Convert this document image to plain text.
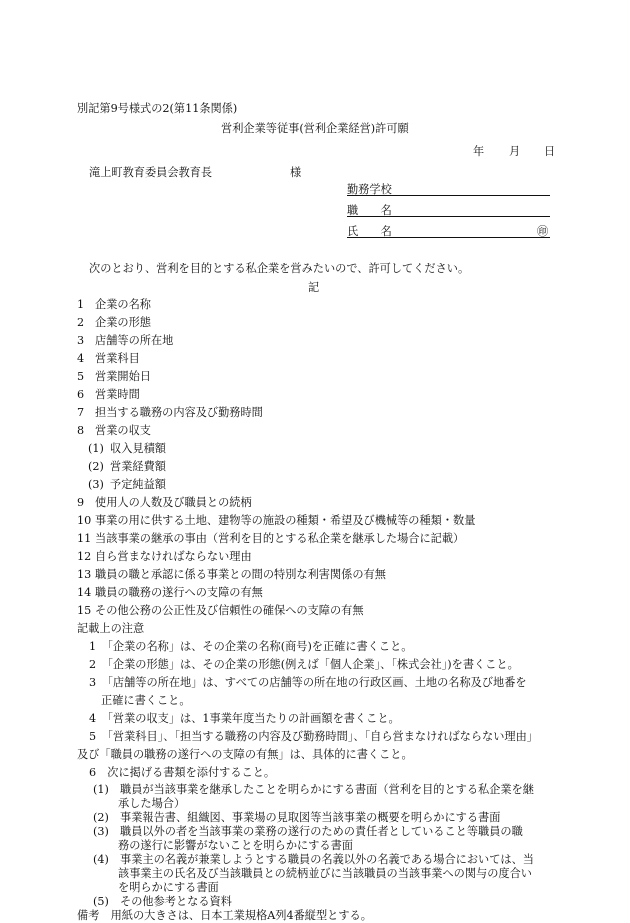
別記第9号様式の2(第11条関係)
営利企業等従事(営利企業経営)許可願
年 月 日
滝上町教育委員会教育長	様
勤務学校
職　　名
氏　　名	㊞
次のとおり、営利を目的とする私企業を営みたいので、許可してください。
記
1 企業の名称
2 企業の形態
3 店舗等の所在地
4 営業科目
5 営業開始日
6 営業時間
7 担当する職務の内容及び勤務時間
8 営業の収支
(1) 収入見積額
(2) 営業経費額
(3) 予定純益額
9 使用人の人数及び職員との続柄
10 事業の用に供する土地、建物等の施設の種類・希望及び機械等の種類・数量
11 当該事業の継承の事由（営利を目的とする私企業を継承した場合に記載）
12 自ら営まなければならない理由
13 職員の職と承認に係る事業との間の特別な利害関係の有無
14 職員の職務の遂行への支障の有無
15 その他公務の公正性及び信頼性の確保への支障の有無
記載上の注意
1　「企業の名称」は、その企業の名称(商号)を正確に書くこと。
2　「企業の形態」は、その企業の形態(例えば「個人企業」、「株式会社」)を書くこと。
3　「店舗等の所在地」は、すべての店舗等の所在地の行政区画、土地の名称及び地番を
正確に書くこと。
4　「営業の収支」は、1事業年度当たりの計画額を書くこと。
5　「営業科目」、「担当する職務の内容及び勤務時間」、「自ら営まなければならない理由」
及び「職員の職務の遂行への支障の有無」は、具体的に書くこと。
6　次に掲げる書類を添付すること。
(1)　職員が当該事業を継承したことを明らかにする書面（営利を目的とする私企業を継
承した場合）
(2)　事業報告書、組織図、事業場の見取図等当該事業の概要を明らかにする書面
(3)　職員以外の者を当該事業の業務の遂行のための責任者としていること等職員の職
務の遂行に影響がないことを明らかにする書面
(4)　事業主の名義が兼業しようとする職員の名義以外の名義である場合においては、当
該事業主の氏名及び当該職員との続柄並びに当該職員の当該事業への関与の度合い
を明らかにする書面
(5)　その他参考となる資料
備考　用紙の大きさは、日本工業規格A列4番縦型とする。
